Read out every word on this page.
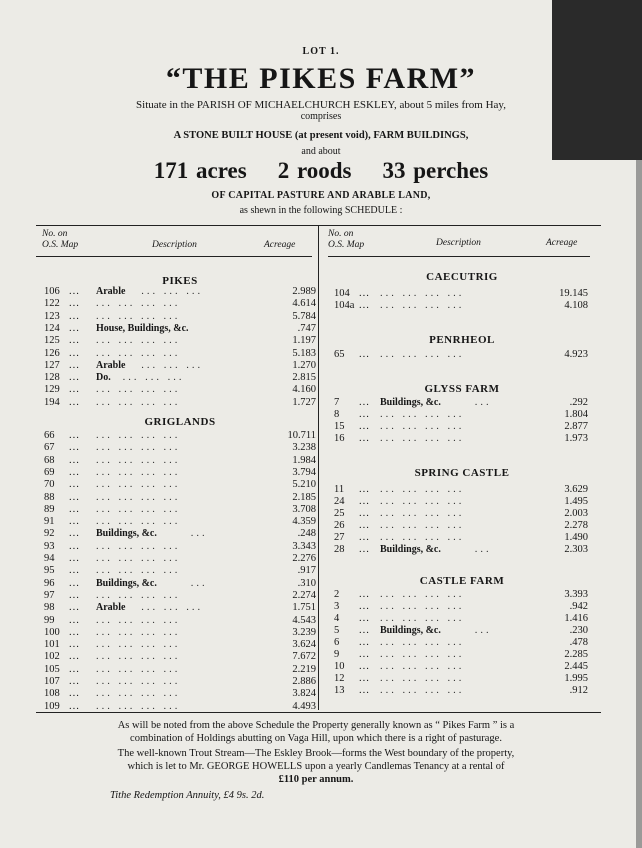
LOT 1.
“THE PIKES FARM”
Situate in the PARISH OF MICHAELCHURCH ESKLEY, about 5 miles from Hay,
comprises
A STONE BUILT HOUSE (at present void), FARM BUILDINGS,
and about
171 acres    2 roods    33 perches
OF CAPITAL PASTURE AND ARABLE LAND,
as shewn in the following SCHEDULE :
No. on
O.S. Map	Description	Acreage
No. on
O.S. Map	Description	Acreage
PIKES
106 ... Arable ... ... ...	2.989
122 ... ... ... ... ...	4.614
123 ... ... ... ... ...	5.784
124 ... House, Buildings, &c.	.747
125 ... ... ... ... ...	1.197
126 ... ... ... ... ...	5.183
127 ... Arable ... ... ...	1.270
128 ... Do. ... ... ...	2.815
129 ... ... ... ... ...	4.160
194 ... ... ... ... ...	1.727
GRIGLANDS
66 ... ... ... ... ...	10.711
67 ... ... ... ... ...	3.238
68 ... ... ... ... ...	1.984
69 ... ... ... ... ...	3.794
70 ... ... ... ... ...	5.210
88 ... ... ... ... ...	2.185
89 ... ... ... ... ...	3.708
91 ... ... ... ... ...	4.359
92 ... Buildings, &c.	...	.248
93 ... ... ... ... ...	3.343
94 ... ... ... ... ...	2.276
95 ... ... ... ... ...	.917
96 ... Buildings, &c.	...	.310
97 ... ... ... ... ...	2.274
98 ... Arable ... ... ...	1.751
99 ... ... ... ... ...	4.543
100 ... ... ... ... ...	3.239
101 ... ... ... ... ...	3.624
102 ... ... ... ... ...	7.672
105 ... ... ... ... ...	2.219
107 ... ... ... ... ...	2.886
108 ... ... ... ... ...	3.824
109 ... ... ... ... ...	4.493
CAECUTRIG
104 ... ... ... ... ...	19.145
104a ... ... ... ... ...	4.108
PENRHEOL
65 ... ... ... ... ...	4.923
GLYSS FARM
7 ... Buildings, &c.	...	.292
8 ... ... ... ... ...	1.804
15 ... ... ... ... ...	2.877
16 ... ... ... ... ...	1.973
SPRING CASTLE
11 ... ... ... ... ...	3.629
24 ... ... ... ... ...	1.495
25 ... ... ... ... ...	2.003
26 ... ... ... ... ...	2.278
27 ... ... ... ... ...	1.490
28 ... Buildings, &c.	...	2.303
CASTLE FARM
2 ... ... ... ... ...	3.393
3 ... ... ... ... ...	.942
4 ... ... ... ... ...	1.416
5 ... Buildings, &c.	...	.230
6 ... ... ... ... ...	.478
9 ... ... ... ... ...	2.285
10 ... ... ... ... ...	2.445
12 ... ... ... ... ...	1.995
13 ... ... ... ... ...	.912
As will be noted from the above Schedule the Property generally known as “ Pikes Farm ” is a
combination of Holdings abutting on Vaga Hill, upon which there is a right of pasturage.
The well-known Trout Stream—The Eskley Brook—forms the West boundary of the property,
which is let to Mr. GEORGE HOWELLS upon a yearly Candlemas Tenancy at a rental of
£110 per annum.
Tithe Redemption Annuity, £4 9s. 2d.
